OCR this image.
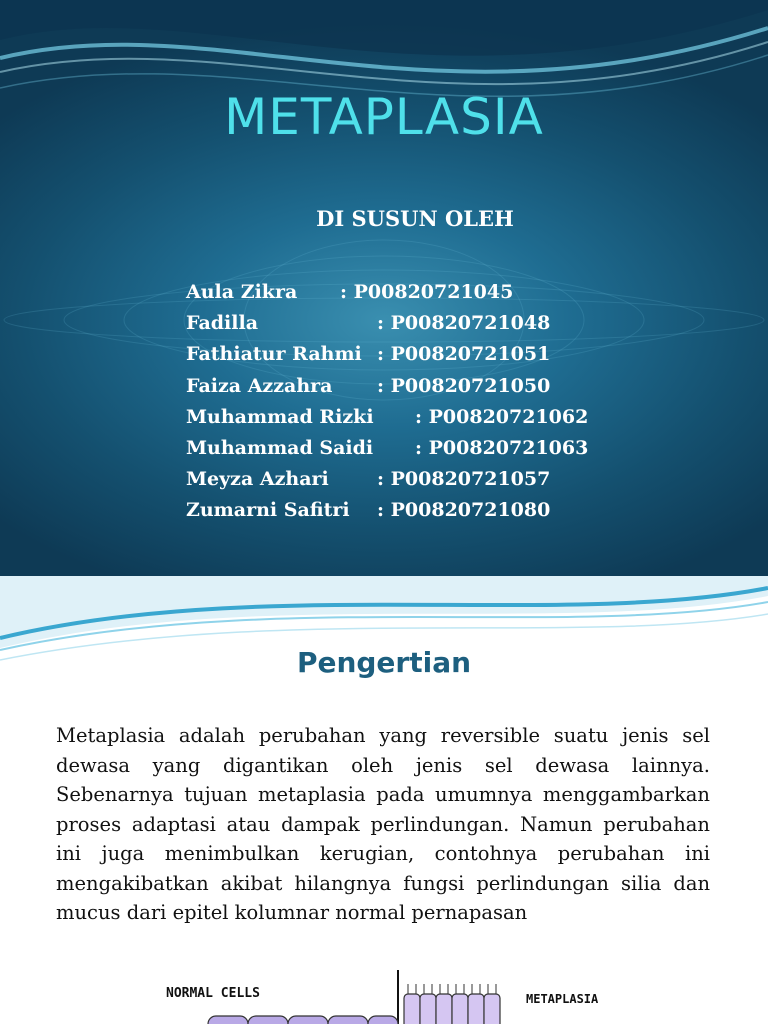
METAPLASIA
DI SUSUN OLEH
Aula Zikra : P00820721045
Fadilla	: P00820721048
Fathiatur Rahmi : P00820721051
Faiza Azzahra : P00820721050
Muhammad Rizki : P00820721062
Muhammad Saidi : P00820721063
Meyza Azhari	: P00820721057
Zumarni Safitri : P00820721080
Pengertian
Metaplasia adalah perubahan yang reversible suatu jenis sel dewasa yang digantikan oleh jenis sel dewasa lainnya. Sebenarnya tujuan metaplasia pada umumnya menggambarkan proses adaptasi atau dampak perlindungan. Namun perubahan ini juga menimbulkan kerugian, contohnya perubahan ini mengakibatkan akibat hilangnya fungsi perlindungan silia dan mucus dari epitel kolumnar normal pernapasan
NORMAL CELLS	METAPLASIA
